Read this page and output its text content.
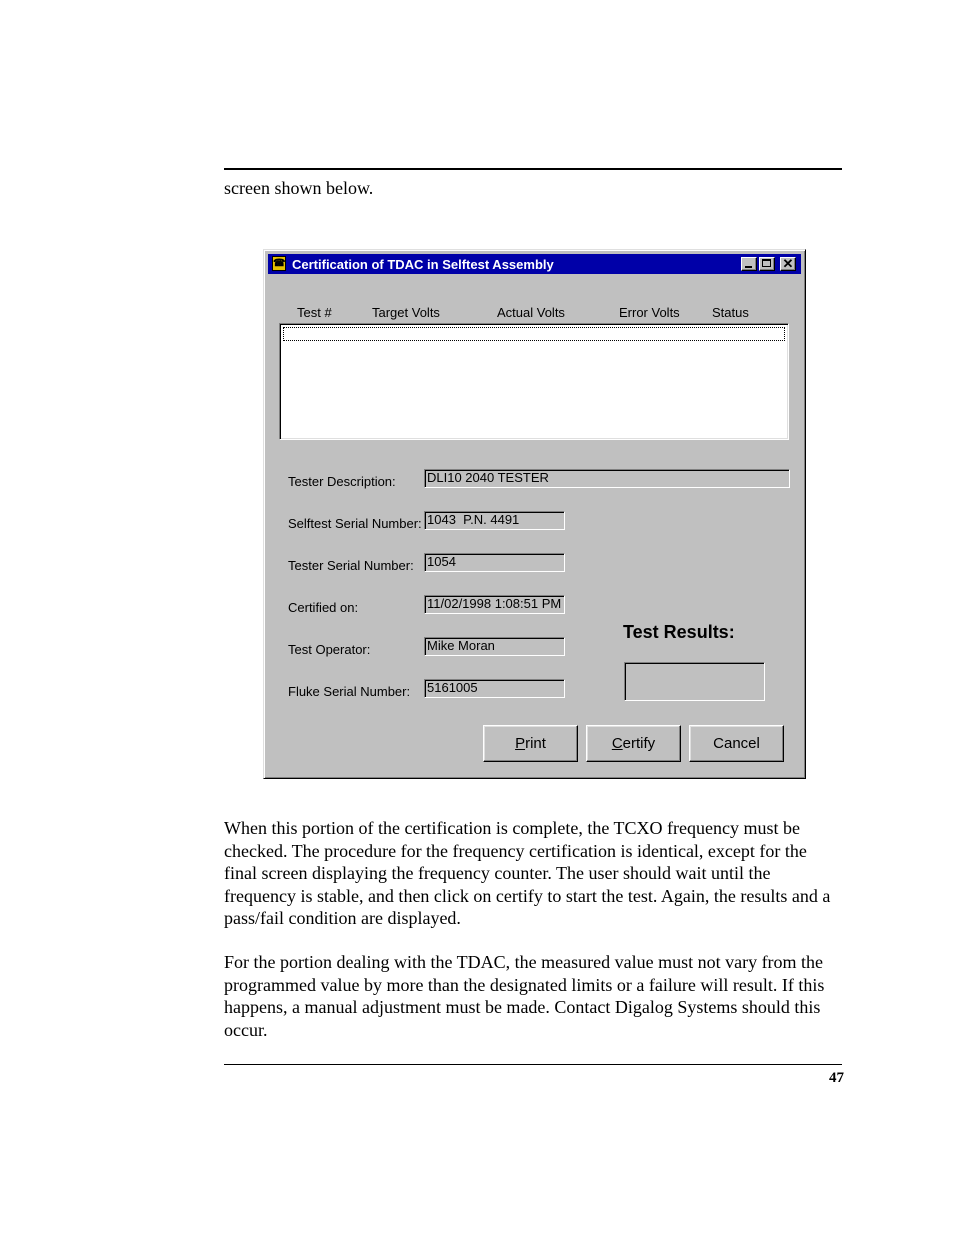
screen shown below.
☎ Certification of TDAC in Selftest Assembly	✕
Test #	Target Volts	Actual Volts	Error Volts Status
Tester Description: DLI10 2040 TESTER
Selftest Serial Number: 1043  P.N. 4491
Tester Serial Number: 1054
Certified on:	11/02/1998 1:08:51 PM
Test Operator:	Mike Moran
Fluke Serial Number: 5161005
Test Results:
Print	Certify	Cancel

When this portion of the certification is complete, the TCXO frequency must be checked. The procedure for the frequency certification is identical, except for the final screen displaying the frequency counter. The user should wait until the frequency is stable, and then click on certify to start the test. Again, the results and a pass/fail condition are displayed.

For the portion dealing with the TDAC, the measured value must not vary from the programmed value by more than the designated limits or a failure will result. If this happens, a manual adjustment must be made. Contact Digalog Systems should this occur.

47
